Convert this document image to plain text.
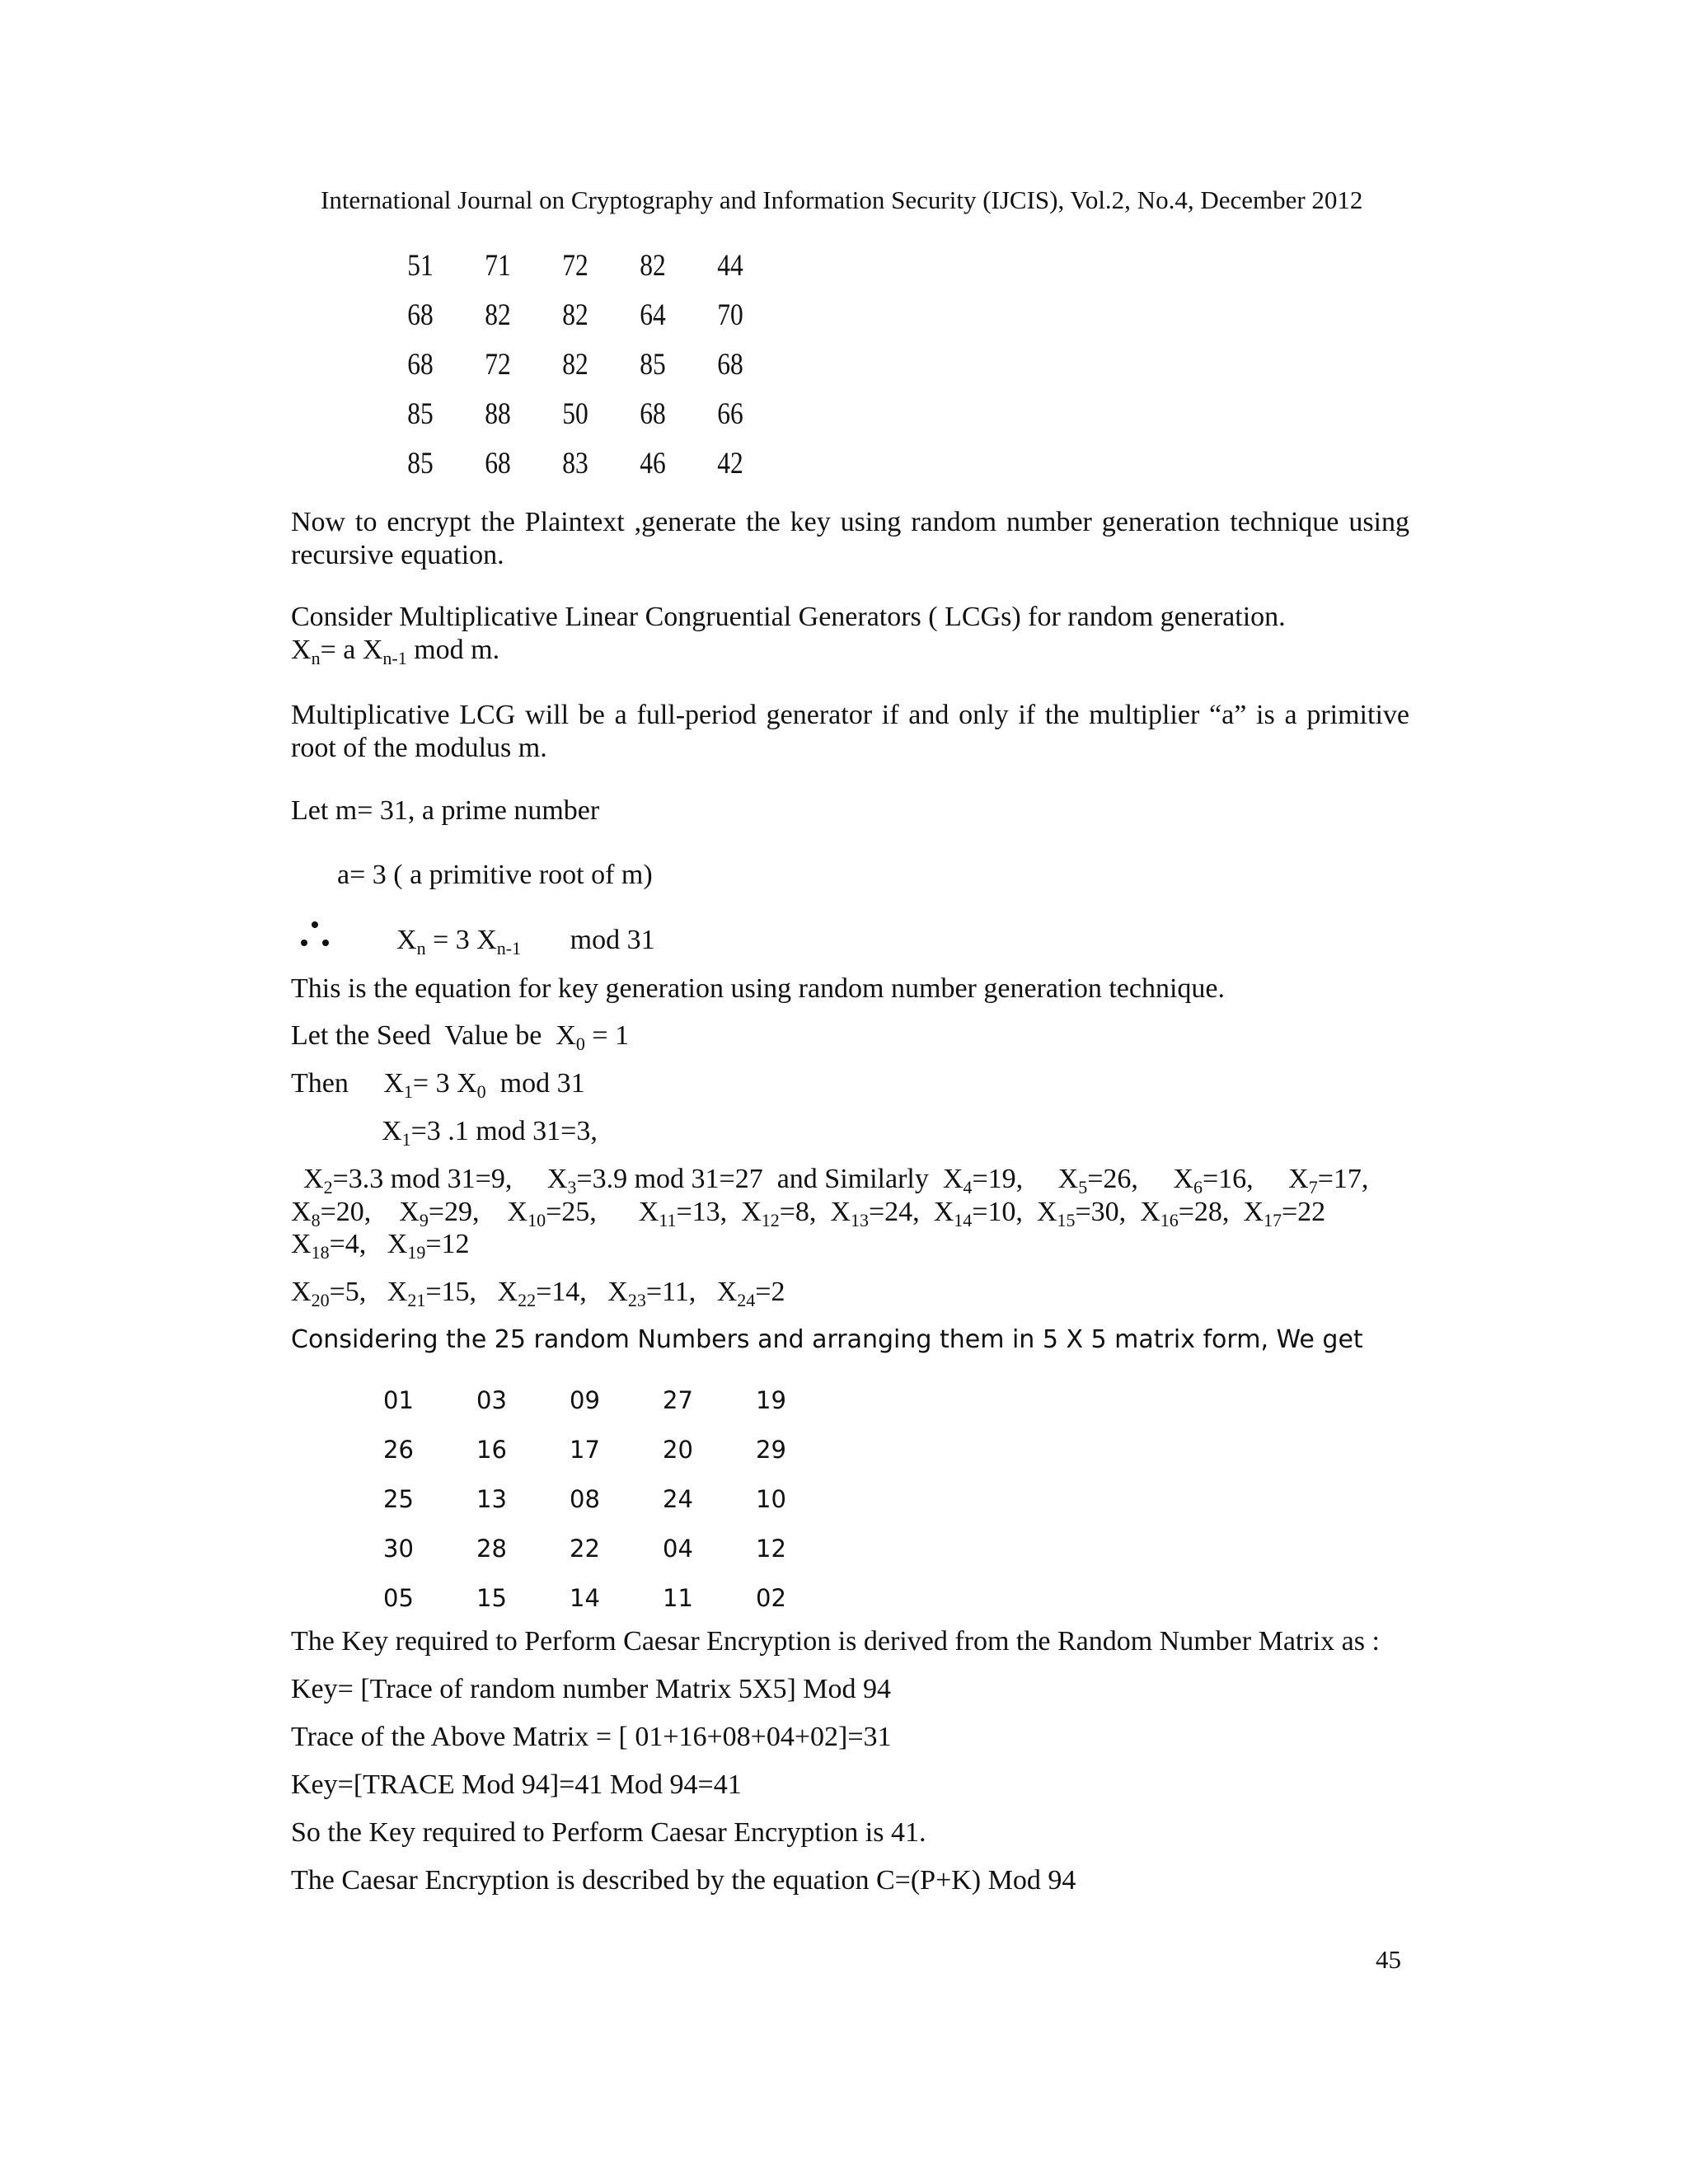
International Journal on Cryptography and Information Security (IJCIS), Vol.2, No.4, December 2012
51	71	72	82	44
68	82	82	64	70
68	72	82	85	68
85	88	50	68	66
85	68	83	46	42
Now to encrypt the Plaintext ,generate the key using random number generation technique using recursive equation.
Consider Multiplicative Linear Congruential Generators ( LCGs) for random generation.
$X_n= a$ $X_{n-1}$ mod m.
Multiplicative LCG will be a full-period generator if and only if the multiplier “a” is a primitive root of the modulus m.
Let m= 31, a prime number
a= 3 ( a primitive root of m)
$X_n = 3$ $X_{n-1}$       mod 31
This is the equation for key generation using random number generation technique.
Let the Seed  Value be  $X_0 = 1$
Then     $X_1= 3$ $X_0$  mod 31
$X_1=3$ .1 mod 31=3,
$X_2=3.3$ mod 31=9,     $X_3=3.9$ mod 31=27 and Similarly  $X_4=19$,     $X_5=26$,     $X_6=16$,     $X_7=17$,
$X_8=20$,    $X_9=29$,    $X_{10}=25$,      $X_{11}=13$,  $X_{12}=8$,  $X_{13}=24$,  $X_{14}=10$,  $X_{15}=30$,  $X_{16}=28$,  $X_{17}=22$
$X_{18}=4$,   $X_{19}=12$
$X_{20}=5$,   $X_{21}=15$,   $X_{22}=14$,   $X_{23}=11$,   $X_{24}=2$
Considering the 25 random Numbers and arranging them in 5 X 5 matrix form, We get
01	03	09	27	19
26	16	17	20	29
25	13	08	24	10
30	28	22	04	12
05	15	14	11	02
The Key required to Perform Caesar Encryption is derived from the Random Number Matrix as :
Key= [Trace of random number Matrix 5X5] Mod 94
Trace of the Above Matrix = [ 01+16+08+04+02]=31
Key=[TRACE Mod 94]=41 Mod 94=41
So the Key required to Perform Caesar Encryption is 41.
The Caesar Encryption is described by the equation C=(P+K) Mod 94
45
